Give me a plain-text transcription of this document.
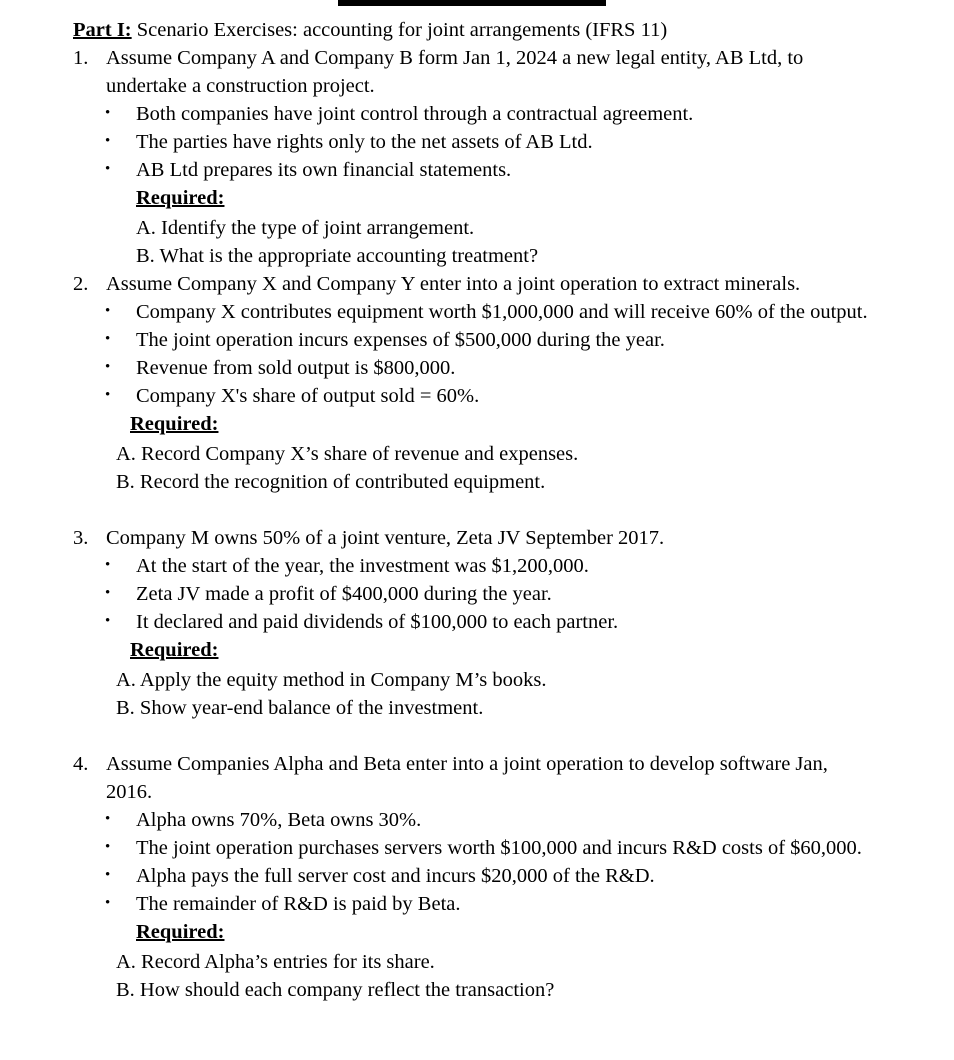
Part I: Scenario Exercises: accounting for joint arrangements (IFRS 11)
1. Assume Company A and Company B form Jan 1, 2024 a new legal entity, AB Ltd, to
undertake a construction project.
•	Both companies have joint control through a contractual agreement.
•	The parties have rights only to the net assets of AB Ltd.
•	AB Ltd prepares its own financial statements.
Required:
A. Identify the type of joint arrangement.
B. What is the appropriate accounting treatment?
2. Assume Company X and Company Y enter into a joint operation to extract minerals.
•	Company X contributes equipment worth $1,000,000 and will receive 60% of the output.
•	The joint operation incurs expenses of $500,000 during the year.
•	Revenue from sold output is $800,000.
•	Company X's share of output sold = 60%.
Required:
A. Record Company X’s share of revenue and expenses.
B. Record the recognition of contributed equipment.
3. Company M owns 50% of a joint venture, Zeta JV September 2017.
•	At the start of the year, the investment was $1,200,000.
•	Zeta JV made a profit of $400,000 during the year.
•	It declared and paid dividends of $100,000 to each partner.
Required:
A. Apply the equity method in Company M’s books.
B. Show year-end balance of the investment.
4. Assume Companies Alpha and Beta enter into a joint operation to develop software Jan,
2016.
•	Alpha owns 70%, Beta owns 30%.
•	The joint operation purchases servers worth $100,000 and incurs R&D costs of $60,000.
•	Alpha pays the full server cost and incurs $20,000 of the R&D.
•	The remainder of R&D is paid by Beta.
Required:
A. Record Alpha’s entries for its share.
B. How should each company reflect the transaction?
